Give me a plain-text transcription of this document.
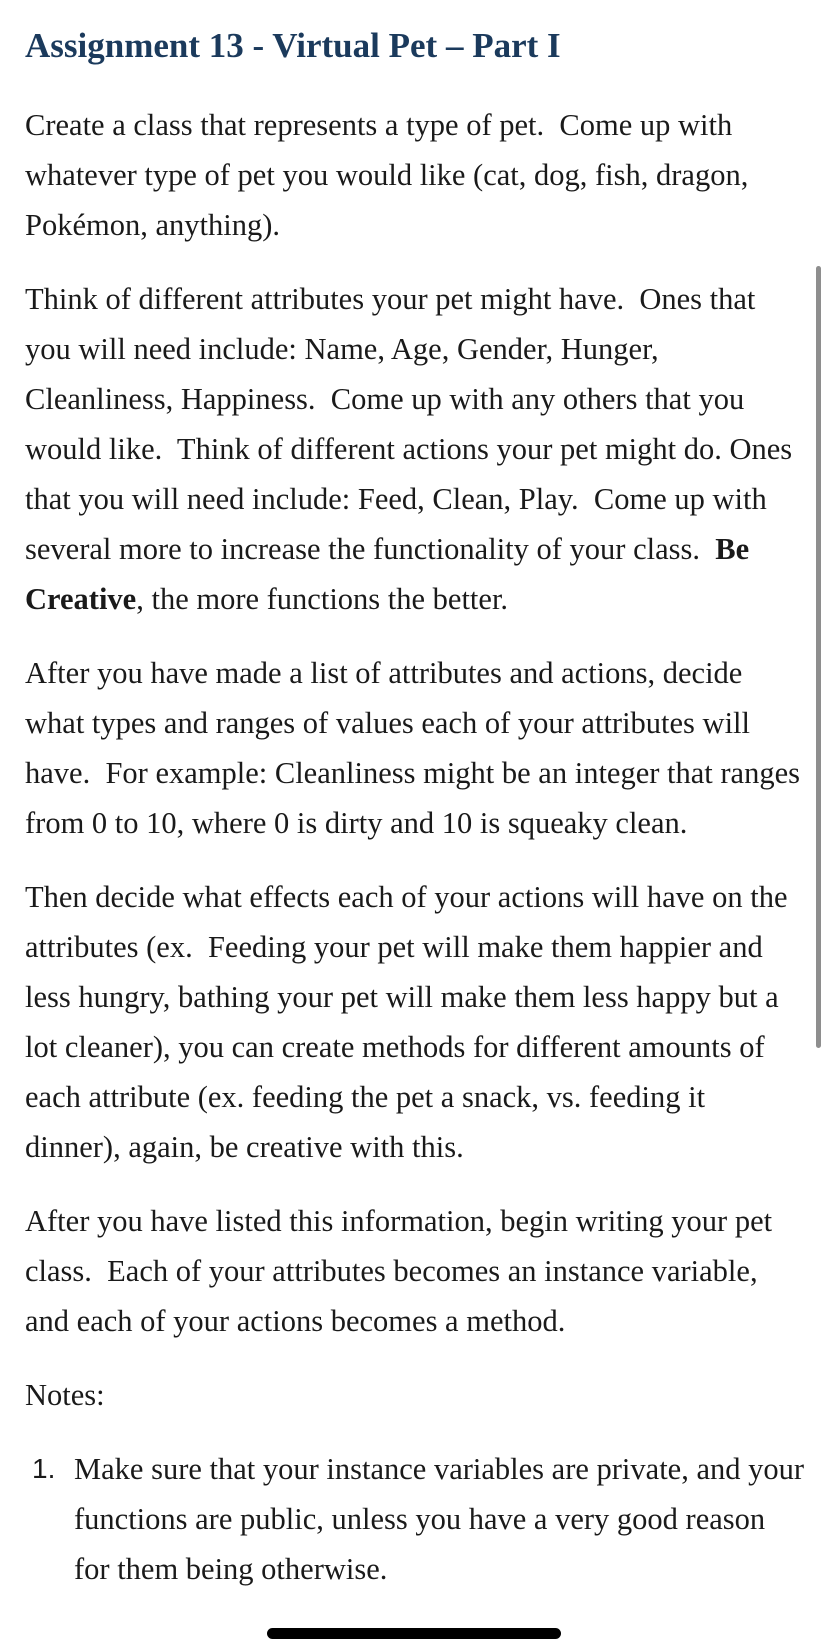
Assignment 13 - Virtual Pet – Part I

Create a class that represents a type of pet.  Come up with whatever type of pet you would like (cat, dog, fish, dragon, Pokémon, anything).

Think of different attributes your pet might have.  Ones that you will need include: Name, Age, Gender, Hunger, Cleanliness, Happiness.  Come up with any others that you would like.  Think of different actions your pet might do. Ones that you will need include: Feed, Clean, Play.  Come up with several more to increase the functionality of your class.  Be Creative, the more functions the better.

After you have made a list of attributes and actions, decide what types and ranges of values each of your attributes will have.  For example: Cleanliness might be an integer that ranges from 0 to 10, where 0 is dirty and 10 is squeaky clean.

Then decide what effects each of your actions will have on the attributes (ex.  Feeding your pet will make them happier and less hungry, bathing your pet will make them less happy but a lot cleaner), you can create methods for different amounts of each attribute (ex. feeding the pet a snack, vs. feeding it dinner), again, be creative with this.

After you have listed this information, begin writing your pet class.  Each of your attributes becomes an instance variable, and each of your actions becomes a method.

Notes:

1. Make sure that your instance variables are private, and your functions are public, unless you have a very good reason for them being otherwise.
